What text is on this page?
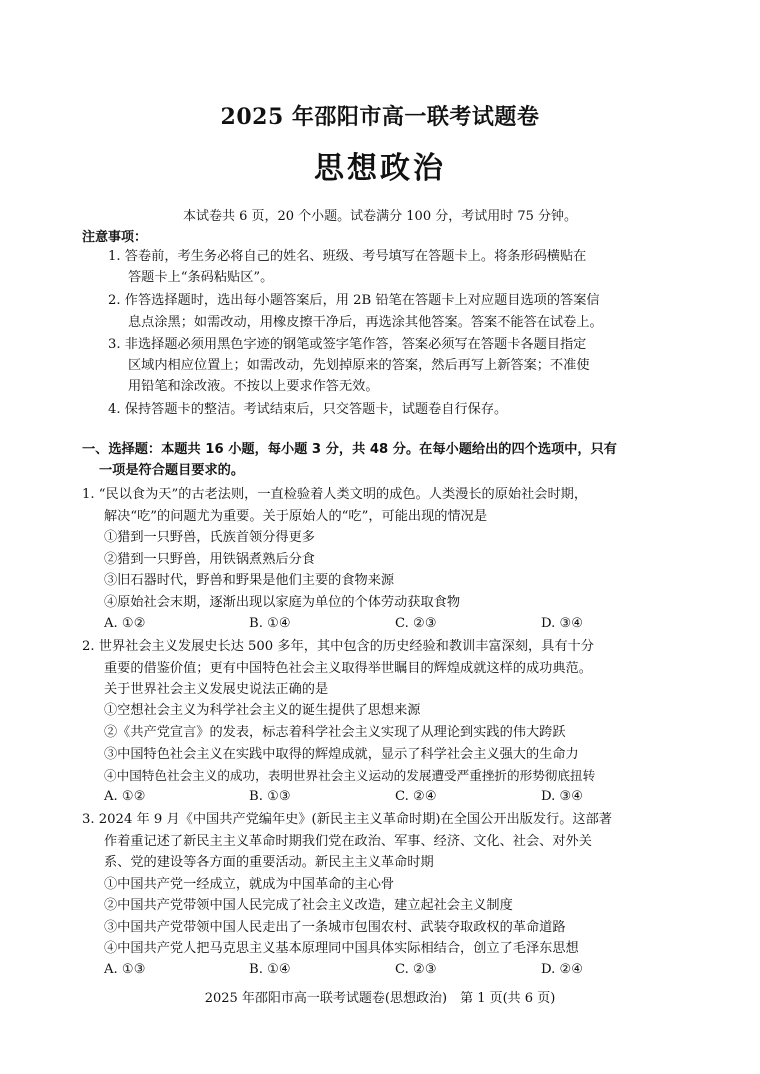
2025 年邵阳市高一联考试题卷
思想政治
本试卷共 6 页，20 个小题。试卷满分 100 分，考试用时 75 分钟。
注意事项：
1. 答卷前，考生务必将自己的姓名、班级、考号填写在答题卡上。将条形码横贴在
答题卡上“条码粘贴区”。
2. 作答选择题时，选出每小题答案后，用 2B 铅笔在答题卡上对应题目选项的答案信
息点涂黑；如需改动，用橡皮擦干净后，再选涂其他答案。答案不能答在试卷上。
3. 非选择题必须用黑色字迹的钢笔或签字笔作答，答案必须写在答题卡各题目指定
区域内相应位置上；如需改动，先划掉原来的答案，然后再写上新答案；不准使
用铅笔和涂改液。不按以上要求作答无效。
4. 保持答题卡的整洁。考试结束后，只交答题卡，试题卷自行保存。
一、选择题：本题共 16 小题，每小题 3 分，共 48 分。在每小题给出的四个选项中，只有
一项是符合题目要求的。
1. “民以食为天”的古老法则，一直检验着人类文明的成色。人类漫长的原始社会时期，
解决“吃”的问题尤为重要。关于原始人的“吃”，可能出现的情况是
①猎到一只野兽，氏族首领分得更多
②猎到一只野兽，用铁锅煮熟后分食
③旧石器时代，野兽和野果是他们主要的食物来源
④原始社会末期，逐渐出现以家庭为单位的个体劳动获取食物
A. ①②	B. ①④	C. ②③	D. ③④
2. 世界社会主义发展史长达 500 多年，其中包含的历史经验和教训丰富深刻，具有十分
重要的借鉴价值；更有中国特色社会主义取得举世瞩目的辉煌成就这样的成功典范。
关于世界社会主义发展史说法正确的是
①空想社会主义为科学社会主义的诞生提供了思想来源
②《共产党宣言》的发表，标志着科学社会主义实现了从理论到实践的伟大跨跃
③中国特色社会主义在实践中取得的辉煌成就，显示了科学社会主义强大的生命力
④中国特色社会主义的成功，表明世界社会主义运动的发展遭受严重挫折的形势彻底扭转
A. ①②	B. ①③	C. ②④	D. ③④
3. 2024 年 9 月《中国共产党编年史》(新民主主义革命时期)在全国公开出版发行。这部著
作着重记述了新民主主义革命时期我们党在政治、军事、经济、文化、社会、对外关
系、党的建设等各方面的重要活动。新民主主义革命时期
①中国共产党一经成立，就成为中国革命的主心骨
②中国共产党带领中国人民完成了社会主义改造，建立起社会主义制度
③中国共产党带领中国人民走出了一条城市包围农村、武装夺取政权的革命道路
④中国共产党人把马克思主义基本原理同中国具体实际相结合，创立了毛泽东思想
A. ①③	B. ①④	C. ②③	D. ②④
2025 年邵阳市高一联考试题卷(思想政治)　第 1 页(共 6 页)
